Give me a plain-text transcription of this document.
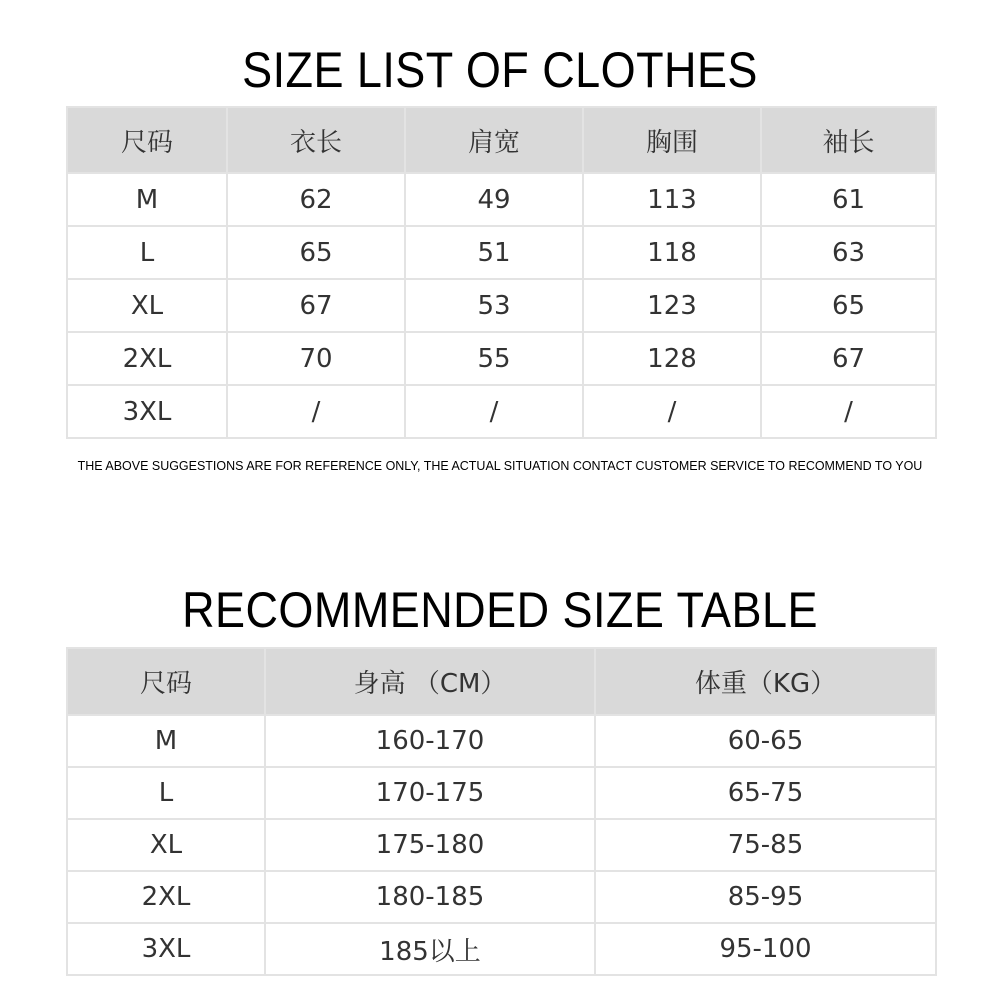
SIZE LIST OF CLOTHES
尺码	衣长	肩宽	胸围	袖长
M	62	49	113	61
L	65	51	118	63
XL	67	53	123	65
2XL	70	55	128	67
3XL	/	/	/	/
THE ABOVE SUGGESTIONS ARE FOR REFERENCE ONLY, THE ACTUAL SITUATION CONTACT CUSTOMER SERVICE TO RECOMMEND TO YOU
RECOMMENDED SIZE TABLE
尺码	身高 （CM）	体重（KG）
M	160-170	60-65
L	170-175	65-75
XL	175-180	75-85
2XL	180-185	85-95
3XL	185以上	95-100
